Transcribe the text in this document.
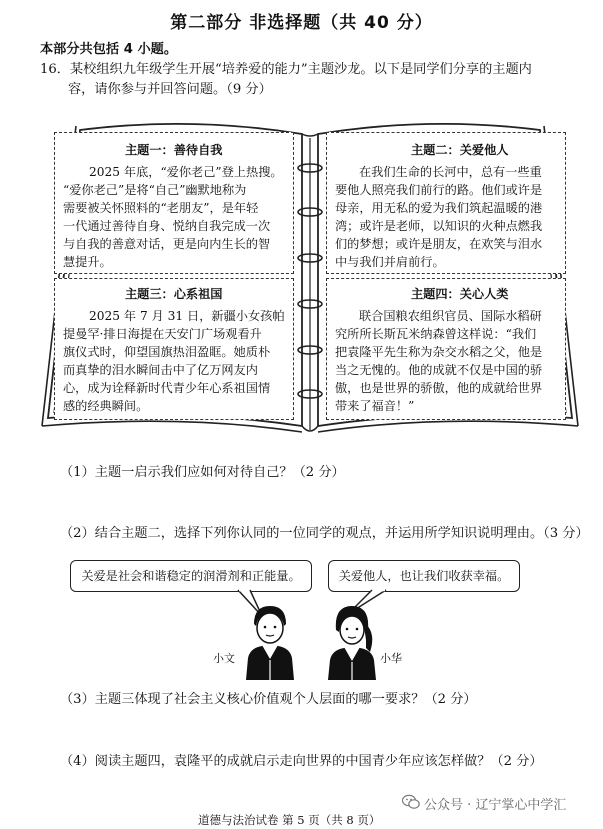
第二部分 非选择题（共 40 分）
本部分共包括 4 小题。
16．某校组织九年级学生开展“培养爱的能力”主题沙龙。以下是同学们分享的主题内
容，请你参与并回答问题。（9 分）
主题一：善待自我
2025 年底，“爱你老己”登上热搜。
“爱你老己”是将“自己”幽默地称为
需要被关怀照料的“老朋友”，是年轻
一代通过善待自身、悦纳自我完成一次
与自我的善意对话，更是向内生长的智
慧提升。
主题二：关爱他人
在我们生命的长河中，总有一些重
要他人照亮我们前行的路。他们或许是
母亲，用无私的爱为我们筑起温暖的港
湾；或许是老师，以知识的火种点燃我
们的梦想；或许是朋友，在欢笑与泪水
中与我们并肩前行。
主题三：心系祖国
2025 年 7 月 31 日，新疆小女孩帕
提曼罕·排日海提在天安门广场观看升
旗仪式时，仰望国旗热泪盈眶。她质朴
而真挚的泪水瞬间击中了亿万网友内
心，成为诠释新时代青少年心系祖国情
感的经典瞬间。
主题四：关心人类
联合国粮农组织官员、国际水稻研
究所所长斯瓦米纳森曾这样说：“我们
把袁隆平先生称为杂交水稻之父，他是
当之无愧的。他的成就不仅是中国的骄
傲，也是世界的骄傲，他的成就给世界
带来了福音！”
（1）主题一启示我们应如何对待自己？（2 分）
（2）结合主题二，选择下列你认同的一位同学的观点，并运用所学知识说明理由。（3 分）
关爱是社会和谐稳定的润滑剂和正能量。	关爱他人，也让我们收获幸福。
小文	小华
（3）主题三体现了社会主义核心价值观个人层面的哪一要求？（2 分）
（4）阅读主题四，袁隆平的成就启示走向世界的中国青少年应该怎样做？（2 分）
公众号 · 辽宁掌心中学汇
道德与法治试卷 第 5 页（共 8 页）
